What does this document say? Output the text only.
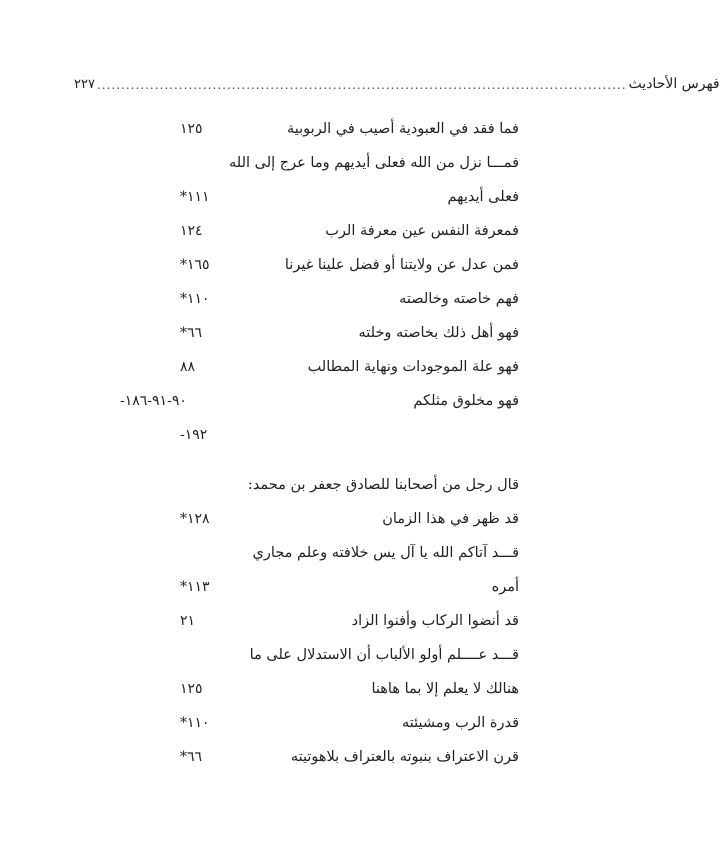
٢٢٧ .............................................................................................................. فهرس الأحاديث
فما فقد في العبودية أصيب في الربوبية
١٢٥
فمـــا نزل من الله فعلى أيديهم وما عرج إلى الله
فعلى أيديهم
*١١١
فمعرفة النفس عين معرفة الرب
١٢٤
فمن عدل عن ولايتنا أو فضل علينا غيرنا
*١٦٥
فهم خاصته وخالصته
*١١٠
فهو أهل ذلك بخاصته وخلته
*٦٦
فهو علة الموجودات ونهاية المطالب
٨٨
فهو مخلوق مثلكم
-٩٠-٩١-١٨٦
-١٩٢
قال رجل من أصحابنا للصادق جعفر بن محمد:
قد ظهر في هذا الزمان
*١٢٨
قـــد آتاكم الله يا آل يس خلافته وعلم مجاري
أمره
*١١٣
قد أنضوا الركاب وأفنوا الزاد
٢١
قـــد عــــلم أولو الألباب أن الاستدلال على ما
هنالك لا يعلم إلا بما هاهنا
١٢٥
قدرة الرب ومشيئته
*١١٠
قرن الاعتراف بنبوته بالعتراف بلاهوتيته
*٦٦
